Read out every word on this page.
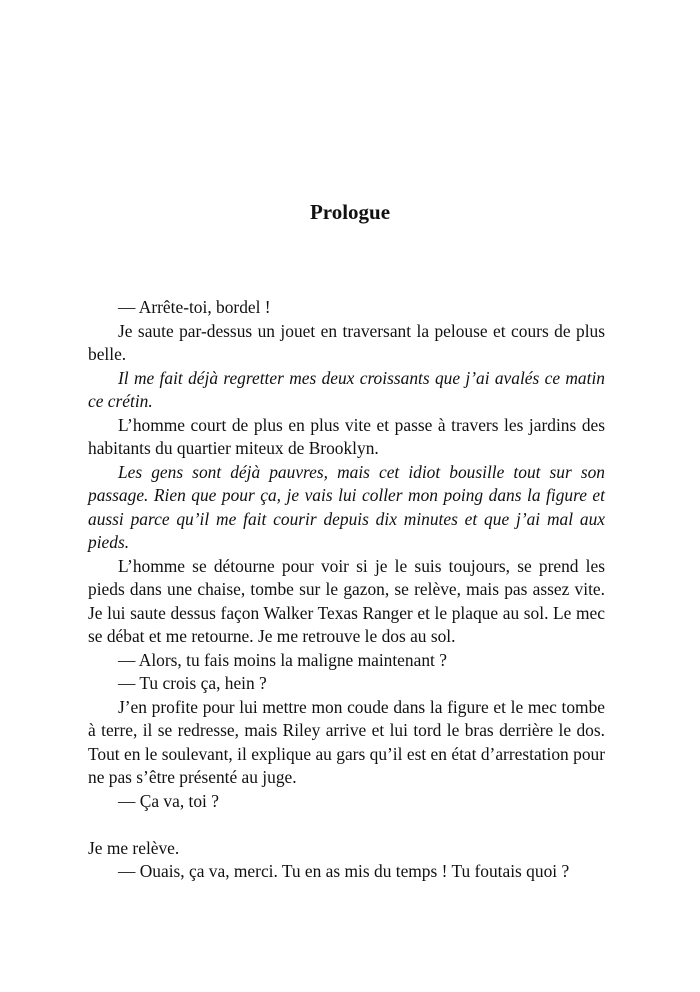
Prologue

— Arrête-toi, bordel !

Je saute par-dessus un jouet en traversant la pelouse et cours de plus belle.

Il me fait déjà regretter mes deux croissants que j’ai avalés ce matin ce crétin.

L’homme court de plus en plus vite et passe à travers les jardins des habitants du quartier miteux de Brooklyn.

Les gens sont déjà pauvres, mais cet idiot bousille tout sur son passage. Rien que pour ça, je vais lui coller mon poing dans la figure et aussi parce qu’il me fait courir depuis dix minutes et que j’ai mal aux pieds.

L’homme se détourne pour voir si je le suis toujours, se prend les pieds dans une chaise, tombe sur le gazon, se relève, mais pas assez vite. Je lui saute dessus façon Walker Texas Ranger et le plaque au sol. Le mec se débat et me retourne. Je me retrouve le dos au sol.

— Alors, tu fais moins la maligne maintenant ?

— Tu crois ça, hein ?

J’en profite pour lui mettre mon coude dans la figure et le mec tombe à terre, il se redresse, mais Riley arrive et lui tord le bras derrière le dos. Tout en le soulevant, il explique au gars qu’il est en état d’arrestation pour ne pas s’être présenté au juge.

— Ça va, toi ?

Je me relève.

— Ouais, ça va, merci. Tu en as mis du temps ! Tu foutais quoi ?
